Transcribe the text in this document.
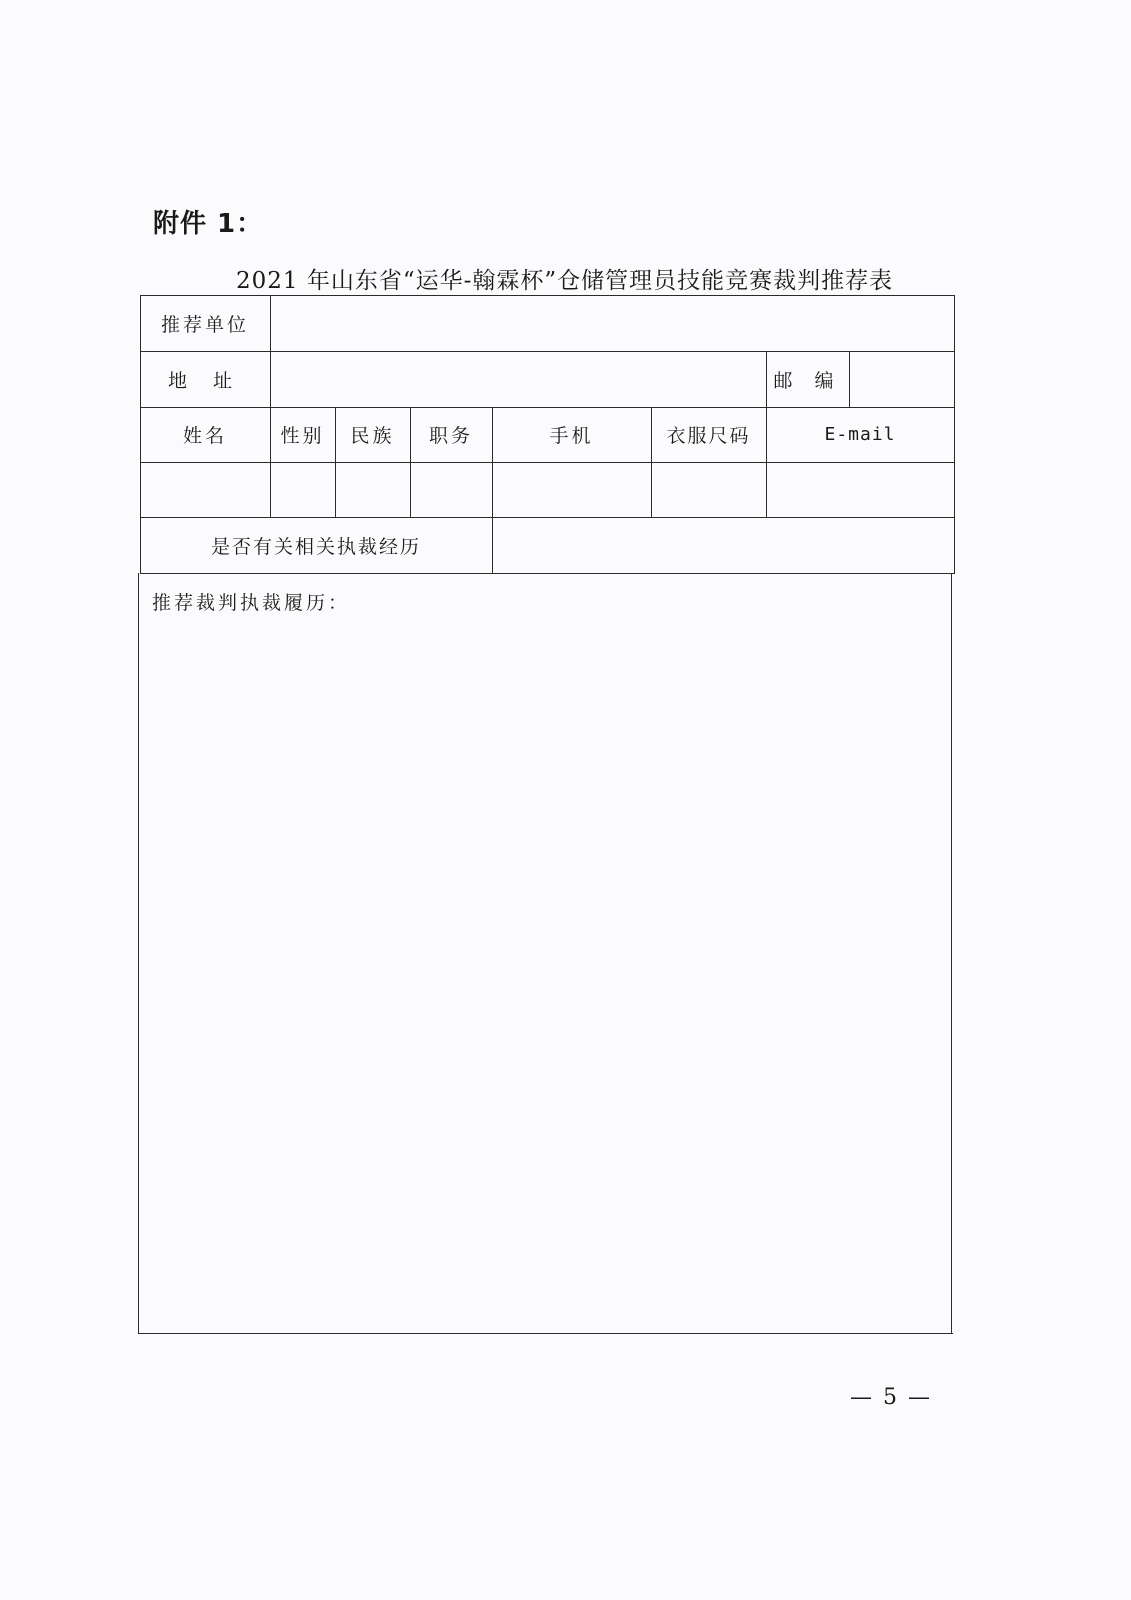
附件 1：
2021 年山东省“运华-翰霖杯”仓储管理员技能竞赛裁判推荐表
推荐单位
地 址	邮 编
姓名	性别	民族	职务	手机	衣服尺码	E-mail
是否有关相关执裁经历
推荐裁判执裁履历：
— 5 —
